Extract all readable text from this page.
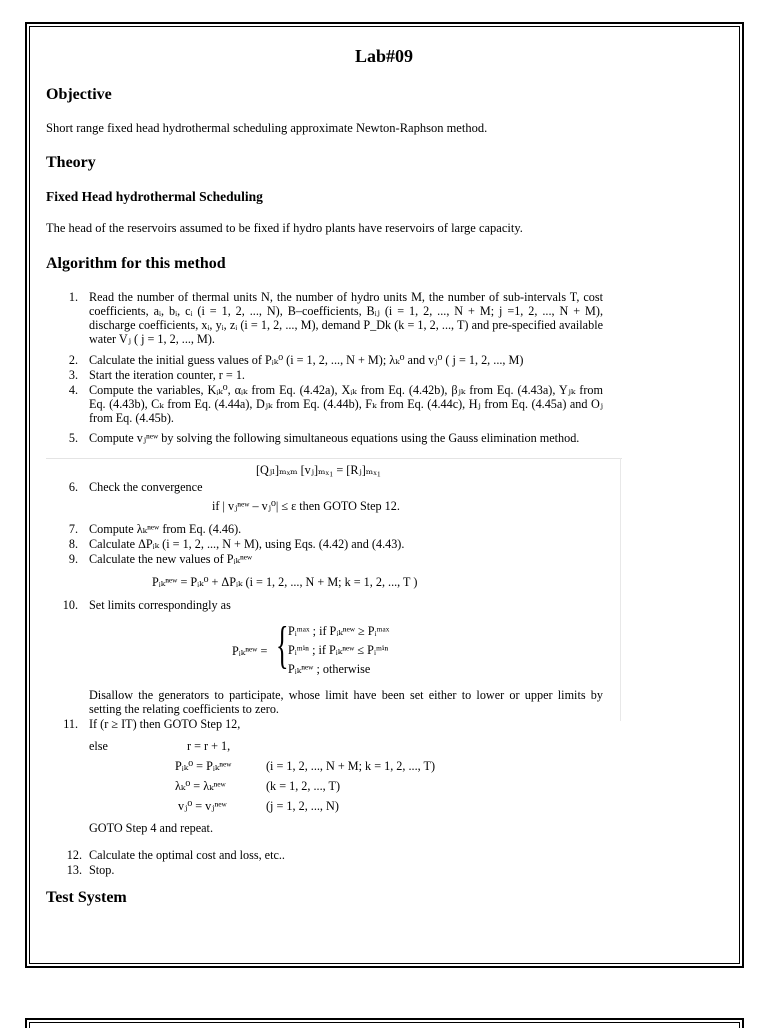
Lab#09
Objective
Short range fixed head hydrothermal scheduling approximate Newton-Raphson method.
Theory
Fixed Head hydrothermal Scheduling
The head of the reservoirs assumed to be fixed if hydro plants have reservoirs of large capacity.
Algorithm for this method
1. Read the number of thermal units N, the number of hydro units M, the number of sub-intervals T, cost coefficients, aᵢ, bᵢ, cᵢ (i = 1, 2, ..., N), B–coefficients, Bᵢⱼ (i = 1, 2, ..., N + M; j =1, 2, ..., N + M), discharge coefficients, xᵢ, yᵢ, zᵢ (i = 1, 2, ..., M), demand P_Dk (k = 1, 2, ..., T) and pre-specified available water Vⱼ ( j = 1, 2, ..., M).
2. Calculate the initial guess values of Pᵢₖ⁰ (i = 1, 2, ..., N + M); λₖ⁰ and vⱼ⁰ ( j = 1, 2, ..., M)
3. Start the iteration counter, r = 1.
4. Compute the variables, Kᵢₖ⁰, αᵢₖ from Eq. (4.42a), Xᵢₖ from Eq. (4.42b), βⱼₖ from Eq. (4.43a), Yⱼₖ from Eq. (4.43b), Cₖ from Eq. (4.44a), Dⱼₖ from Eq. (4.44b), Fₖ from Eq. (4.44c), Hⱼ from Eq. (4.45a) and Oⱼ from Eq. (4.45b).
5. Compute vⱼⁿᵉʷ by solving the following simultaneous equations using the Gauss elimination method.
[Qⱼₗ]ₘₓₘ [vⱼ]ₘₓ₁ = [Rⱼ]ₘₓ₁
6. Check the convergence
if | vⱼⁿᵉʷ – vⱼ⁰| ≤ ε then GOTO Step 12.
7. Compute λₖⁿᵉʷ from Eq. (4.46).
8. Calculate ΔPᵢₖ (i = 1, 2, ..., N + M), using Eqs. (4.42) and (4.43).
9. Calculate the new values of Pᵢₖⁿᵉʷ
Pᵢₖⁿᵉʷ = Pᵢₖ⁰ + ΔPᵢₖ (i = 1, 2, ..., N + M; k = 1, 2, ..., T )
10. Set limits correspondingly as
Pᵢₖⁿᵉʷ = { Pᵢᵐᵃˣ ; if Pᵢₖⁿᵉʷ ≥ Pᵢᵐᵃˣ
Pᵢᵐⁱⁿ ; if Pᵢₖⁿᵉʷ ≤ Pᵢᵐⁱⁿ
Pᵢₖⁿᵉʷ ; otherwise
Disallow the generators to participate, whose limit have been set either to lower or upper limits by setting the relating coefficients to zero.
11. If (r ≥ IT) then GOTO Step 12,
else	r = r + 1,
Pᵢₖ⁰ = Pᵢₖⁿᵉʷ	(i = 1, 2, ..., N + M; k = 1, 2, ..., T)
λₖ⁰ = λₖⁿᵉʷ	(k = 1, 2, ..., T)
vⱼ⁰ = vⱼⁿᵉʷ	(j = 1, 2, ..., N)
GOTO Step 4 and repeat.
12. Calculate the optimal cost and loss, etc..
13. Stop.
Test System
